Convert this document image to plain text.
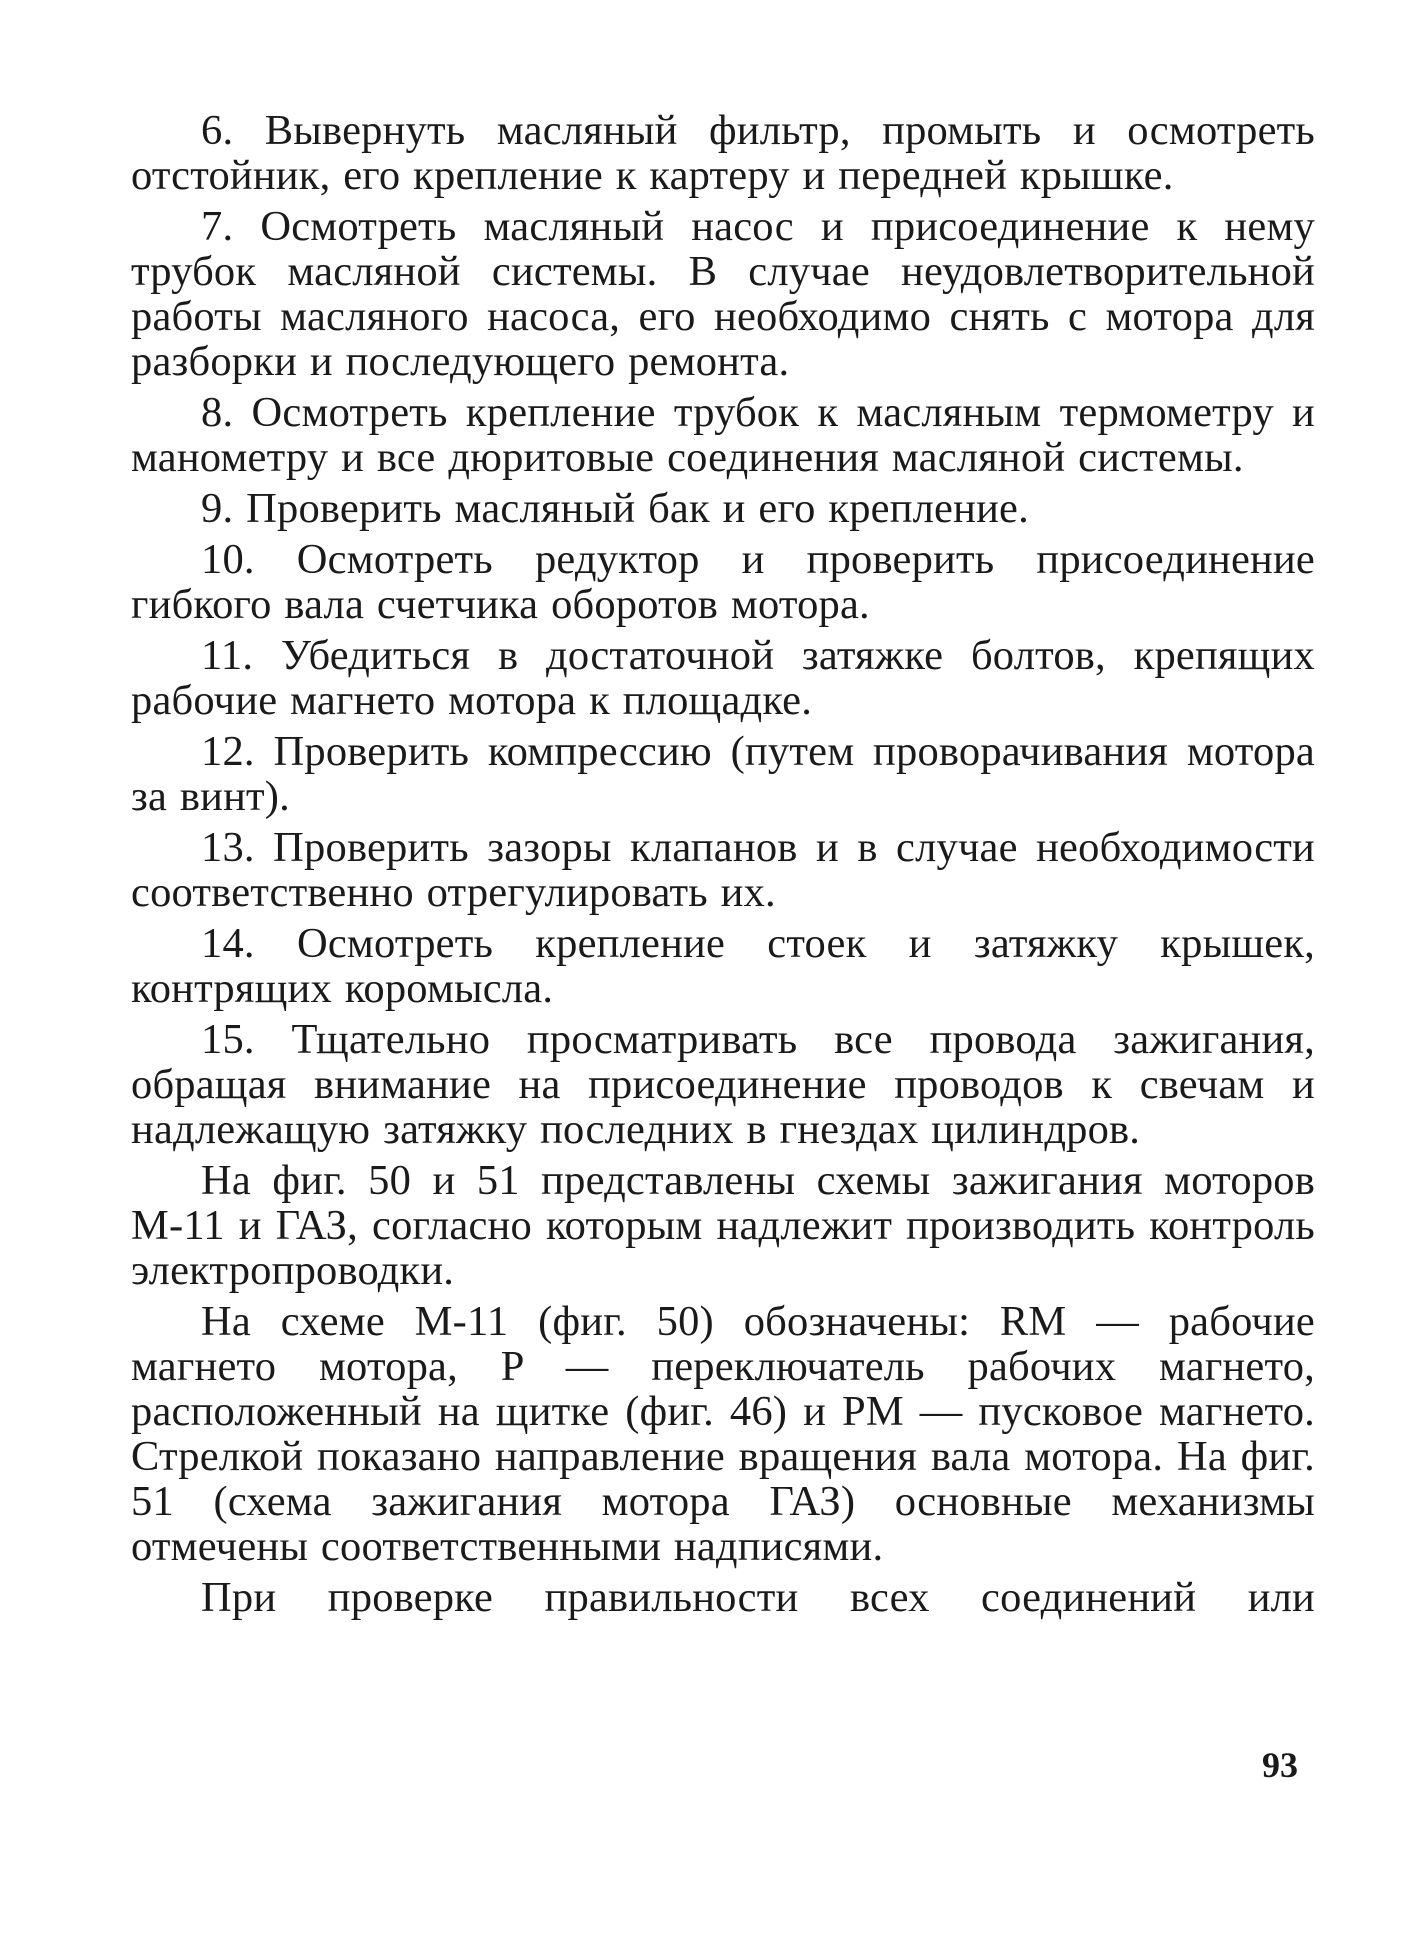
6. Вывернуть масляный фильтр, промыть и осмотреть отстойник, его крепление к картеру и передней крышке.

7. Осмотреть масляный насос и присоединение к нему трубок масляной системы. В случае неудовлетворительной работы масляного насоса, его необходимо снять с мотора для разборки и последующего ремонта.

8. Осмотреть крепление трубок к масляным термометру и манометру и все дюритовые соединения масляной системы.

9. Проверить масляный бак и его крепление.

10. Осмотреть редуктор и проверить присоединение гибкого вала счетчика оборотов мотора.

11. Убедиться в достаточной затяжке болтов, крепящих рабочие магнето мотора к площадке.

12. Проверить компрессию (путем проворачивания мотора за винт).

13. Проверить зазоры клапанов и в случае необходимости соответственно отрегулировать их.

14. Осмотреть крепление стоек и затяжку крышек, контрящих коромысла.

15. Тщательно просматривать все провода зажигания, обращая внимание на присоединение проводов к свечам и надлежащую затяжку последних в гнездах цилиндров.

На фиг. 50 и 51 представлены схемы зажигания моторов М-11 и ГАЗ, согласно которым надлежит производить контроль электропроводки.

На схеме М-11 (фиг. 50) обозначены: RM — рабочие магнето мотора, P — переключатель рабочих магнето, расположенный на щитке (фиг. 46) и PM — пусковое магнето. Стрелкой показано направление вращения вала мотора. На фиг. 51 (схема зажигания мотора ГАЗ) основные механизмы отмечены соответственными надписями.

При проверке правильности всех соединений или

93
